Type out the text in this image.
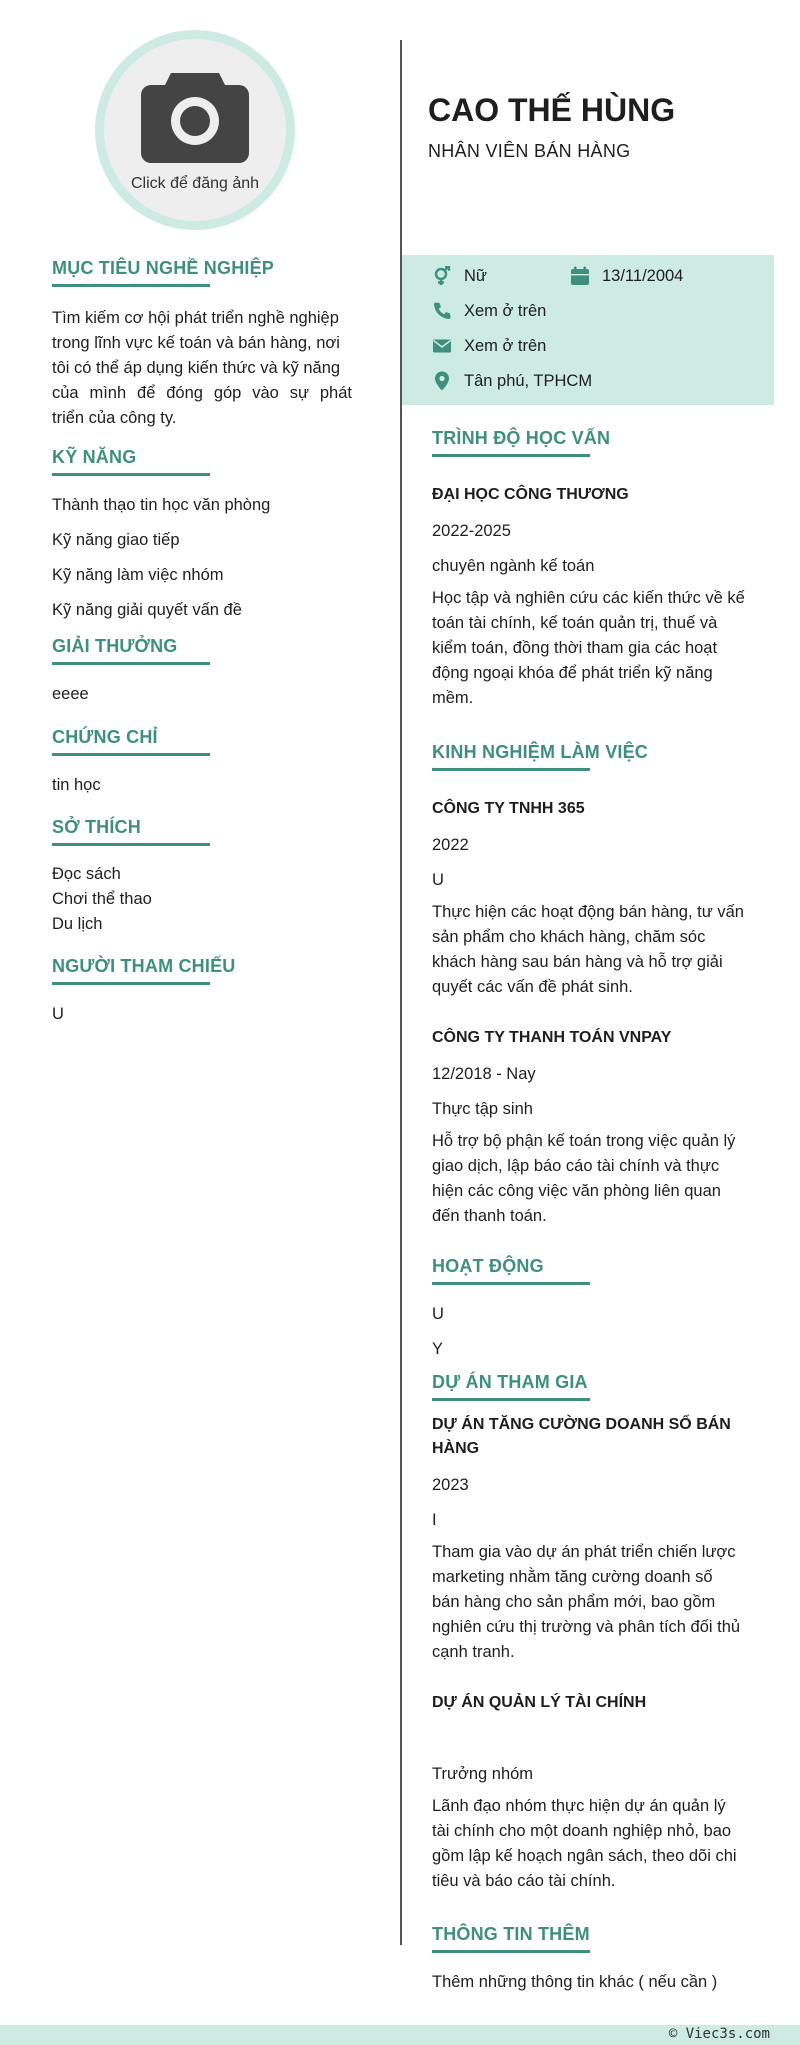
Click để đăng ảnh
MỤC TIÊU NGHỀ NGHIỆP
Tìm kiếm cơ hội phát triển nghề nghiệp
trong lĩnh vực kế toán và bán hàng, nơi
tôi có thể áp dụng kiến thức và kỹ năng
của mình để đóng góp vào sự phát
triển của công ty.
KỸ NĂNG
Thành thạo tin học văn phòng
Kỹ năng giao tiếp
Kỹ năng làm việc nhóm
Kỹ năng giải quyết vấn đề
GIẢI THƯỞNG
eeee
CHỨNG CHỈ
tin học
SỞ THÍCH
Đọc sách
Chơi thể thao
Du lịch
NGƯỜI THAM CHIẾU
U
CAO THẾ HÙNG
NHÂN VIÊN BÁN HÀNG
Nữ	13/11/2004
Xem ở trên
Xem ở trên
Tân phú, TPHCM
TRÌNH ĐỘ HỌC VẤN
ĐẠI HỌC CÔNG THƯƠNG
2022-2025
chuyên ngành kế toán
Học tập và nghiên cứu các kiến thức về kế
toán tài chính, kế toán quản trị, thuế và
kiểm toán, đồng thời tham gia các hoạt
động ngoại khóa để phát triển kỹ năng
mềm.
KINH NGHIỆM LÀM VIỆC
CÔNG TY TNHH 365
2022
U
Thực hiện các hoạt động bán hàng, tư vấn
sản phẩm cho khách hàng, chăm sóc
khách hàng sau bán hàng và hỗ trợ giải
quyết các vấn đề phát sinh.
CÔNG TY THANH TOÁN VNPAY
12/2018 - Nay
Thực tập sinh
Hỗ trợ bộ phận kế toán trong việc quản lý
giao dịch, lập báo cáo tài chính và thực
hiện các công việc văn phòng liên quan
đến thanh toán.
HOẠT ĐỘNG
U
Y
DỰ ÁN THAM GIA
DỰ ÁN TĂNG CƯỜNG DOANH SỐ BÁN
HÀNG
2023
I
Tham gia vào dự án phát triển chiến lược
marketing nhằm tăng cường doanh số
bán hàng cho sản phẩm mới, bao gồm
nghiên cứu thị trường và phân tích đối thủ
cạnh tranh.
DỰ ÁN QUẢN LÝ TÀI CHÍNH
Trưởng nhóm
Lãnh đạo nhóm thực hiện dự án quản lý
tài chính cho một doanh nghiệp nhỏ, bao
gồm lập kế hoạch ngân sách, theo dõi chi
tiêu và báo cáo tài chính.
THÔNG TIN THÊM
Thêm những thông tin khác ( nếu cần )
© Viec3s.com
